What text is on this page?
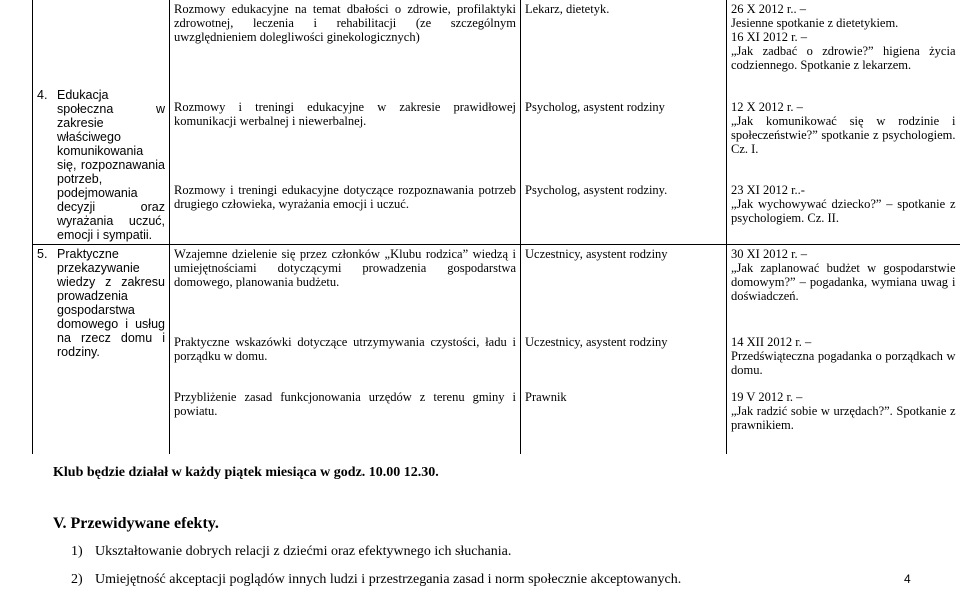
4. Edukacja społeczna w zakresie właściwego komunikowania się, rozpoznawania potrzeb, podejmowania decyzji oraz wyrażania uczuć, emocji i sympatii.	Rozmowy edukacyjne na temat dbałości o zdrowie, profilaktyki zdrowotnej, leczenia i rehabilitacji (ze szczególnym uwzględnieniem dolegliwości ginekologicznych)	Lekarz, dietetyk.	26 X 2012 r.. –
Jesienne spotkanie z dietetykiem.
16 XI 2012 r. –
„Jak zadbać o zdrowie?” higiena życia codziennego. Spotkanie z lekarzem.

	Rozmowy i treningi edukacyjne w zakresie prawidłowej komunikacji werbalnej i niewerbalnej.	Psycholog, asystent rodziny	12 X 2012 r. –
„Jak komunikować się w rodzinie i społeczeństwie?” spotkanie z psychologiem. Cz. I.

	Rozmowy i treningi edukacyjne dotyczące rozpoznawania potrzeb drugiego człowieka, wyrażania emocji i uczuć.	Psycholog, asystent rodziny.	23 XI 2012 r..-
„Jak wychowywać dziecko?” – spotkanie z psychologiem. Cz. II.

5. Praktyczne przekazywanie wiedzy z zakresu prowadzenia gospodarstwa domowego i usług na rzecz domu i rodziny.	Wzajemne dzielenie się przez członków „Klubu rodzica” wiedzą i umiejętnościami dotyczącymi prowadzenia gospodarstwa domowego, planowania budżetu.	Uczestnicy, asystent rodziny	30 XI 2012 r. –
„Jak zaplanować budżet w gospodarstwie domowym?” – pogadanka, wymiana uwag i doświadczeń.

	Praktyczne wskazówki dotyczące utrzymywania czystości, ładu i porządku w domu.	Uczestnicy, asystent rodziny	14 XII 2012 r. –
Przedświąteczna pogadanka o porządkach w domu.

	Przybliżenie zasad funkcjonowania urzędów z terenu gminy i powiatu.	Prawnik	19 V 2012 r. –
„Jak radzić sobie w urzędach?”. Spotkanie z prawnikiem.
Klub będzie działał w każdy piątek miesiąca w godz. 10.00 12.30.
V. Przewidywane efekty.
1) Ukształtowanie dobrych relacji z dziećmi oraz efektywnego ich słuchania.
2) Umiejętność akceptacji poglądów innych ludzi i przestrzegania zasad i norm społecznie akceptowanych.	4
